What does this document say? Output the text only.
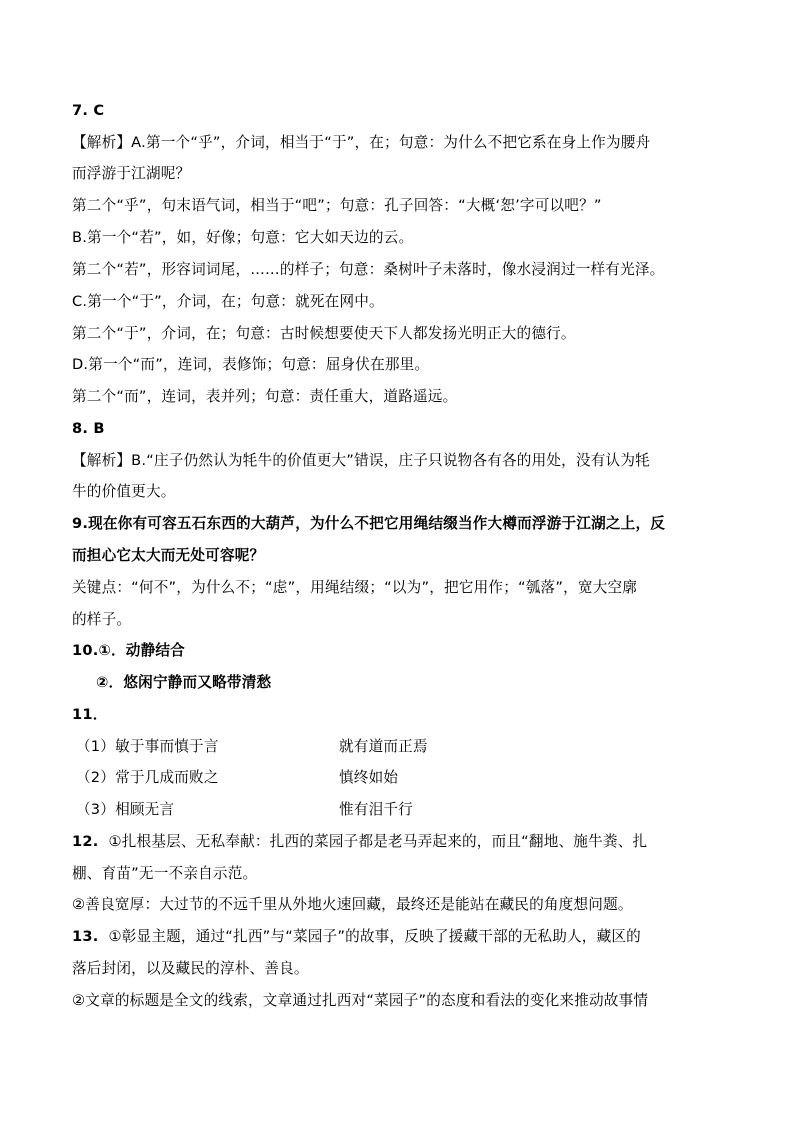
7. C
【解析】A.第一个“乎”，介词，相当于“于”，在；句意：为什么不把它系在身上作为腰舟
而浮游于江湖呢？
第二个“乎”，句末语气词，相当于“吧”；句意：孔子回答：“大概‘恕’字可以吧？”
B.第一个“若”，如，好像；句意：它大如天边的云。
第二个“若”，形容词词尾，……的样子；句意：桑树叶子未落时，像水浸润过一样有光泽。
C.第一个“于”，介词，在；句意：就死在网中。
第二个“于”，介词，在；句意：古时候想要使天下人都发扬光明正大的德行。
D.第一个“而”，连词，表修饰；句意：屈身伏在那里。
第二个“而”，连词，表并列；句意：责任重大，道路遥远。
8. B
【解析】B.“庄子仍然认为牦牛的价值更大”错误，庄子只说物各有各的用处，没有认为牦
牛的价值更大。
9.现在你有可容五石东西的大葫芦，为什么不把它用绳结缀当作大樽而浮游于江湖之上，反
而担心它太大而无处可容呢？
关键点：“何不”，为什么不；“虑”，用绳结缀；“以为”，把它用作；“瓠落”，宽大空廓
的样子。
10.①．动静结合
②．悠闲宁静而又略带清愁
11．
（1）敏于事而慎于言	就有道而正焉
（2）常于几成而败之	慎终如始
（3）相顾无言	惟有泪千行
12. ①扎根基层、无私奉献：扎西的菜园子都是老马弄起来的，而且“翻地、施牛粪、扎
棚、育苗”无一不亲自示范。
②善良宽厚：大过节的不远千里从外地火速回藏，最终还是能站在藏民的角度想问题。
13. ①彰显主题，通过“扎西”与“菜园子”的故事，反映了援藏干部的无私助人，藏区的
落后封闭，以及藏民的淳朴、善良。
②文章的标题是全文的线索，文章通过扎西对“菜园子”的态度和看法的变化来推动故事情
